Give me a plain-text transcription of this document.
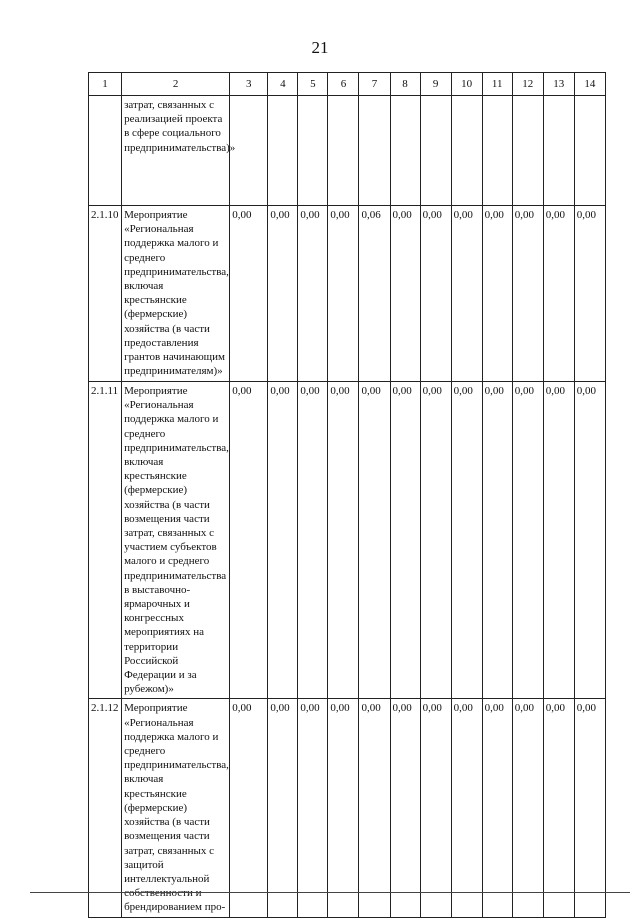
21
1	2	3	4	5	6	7	8	9	10	11	12	13	14
	затрат, связанных с реализацией проекта в сфере социального предпринимательства)»												
2.1.10	Мероприятие «Региональная поддержка малого и среднего предпринимательства, включая крестьянские (фермерские) хозяйства (в части предоставления грантов начинающим предпринимателям)»	0,00	0,00	0,00	0,00	0,06	0,00	0,00	0,00	0,00	0,00	0,00	0,00
2.1.11	Мероприятие «Региональная поддержка малого и среднего предпринимательства, включая крестьянские (фермерские) хозяйства (в части возмещения части затрат, связанных с участием субъектов малого и среднего предпринимательства в выставочно-ярмарочных и конгрессных мероприятиях на территории Российской Федерации и за рубежом)»	0,00	0,00	0,00	0,00	0,00	0,00	0,00	0,00	0,00	0,00	0,00	0,00
2.1.12	Мероприятие «Региональная поддержка малого и среднего предпринимательства, включая крестьянские (фермерские) хозяйства (в части возмещения части затрат, связанных с защитой интеллектуальной собственности и брендированием про-	0,00	0,00	0,00	0,00	0,00	0,00	0,00	0,00	0,00	0,00	0,00	0,00
